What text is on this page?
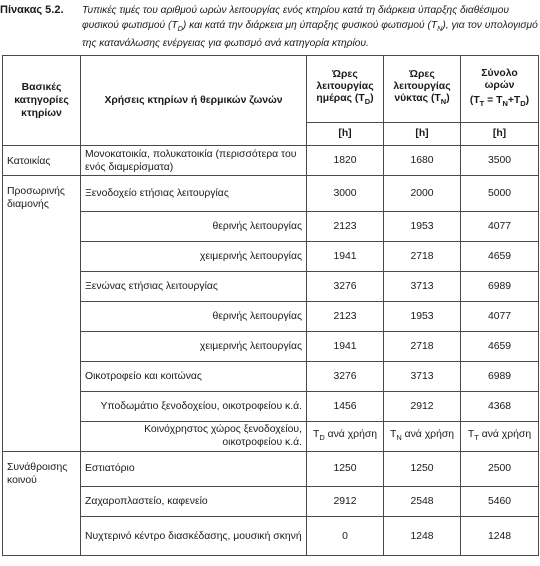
Πίνακας 5.2. Τυπικές τιμές του αριθμού ωρών λειτουργίας ενός κτηρίου κατά τη διάρκεια ύπαρξης διαθέσιμου φυσικού φωτισμού $(T_D)$ και κατά την διάρκεια μη ύπαρξης φυσικού φωτισμού $(T_N)$, για τον υπολογισμό της κατανάλωσης ενέργειας για φωτισμό ανά κατηγορία κτηρίου.
Βασικές κατηγορίες κτηρίων	Χρήσεις κτηρίων ή θερμικών ζωνών	Ώρες λειτουργίας ημέρας $(T_D)$	Ώρες λειτουργίας νύκτας $(T_N)$	Σύνολο ωρών
$(T_T = T_N+T_D)$

		[h]	[h]	[h]
Κατοικίας	Μονοκατοικία, πολυκατοικία (περισσότερα του ενός διαμερίσματα)	1820	1680	3500
Προσωρινής διαμονής	Ξενοδοχείο ετήσιας λειτουργίας	3000	2000	5000
	θερινής λειτουργίας	2123	1953	4077
	χειμερινής λειτουργίας	1941	2718	4659
	Ξενώνας ετήσιας λειτουργίας	3276	3713	6989
	θερινής λειτουργίας	2123	1953	4077
	χειμερινής λειτουργίας	1941	2718	4659
	Οικοτροφείο και κοιτώνας	3276	3713	6989
	Υποδωμάτιο ξενοδοχείου, οικοτροφείου κ.ά.	1456	2912	4368
	Κοινόχρηστος χώρος ξενοδοχείου, οικοτροφείου κ.ά.	$T_D$ ανά χρήση	$T_N$ ανά χρήση	$T_T$ ανά χρήση
Συνάθροισης κοινού	Εστιατόριο	1250	1250	2500
	Ζαχαροπλαστείο, καφενείο	2912	2548	5460
	Νυχτερινό κέντρο διασκέδασης, μουσική σκηνή	0	1248	1248
